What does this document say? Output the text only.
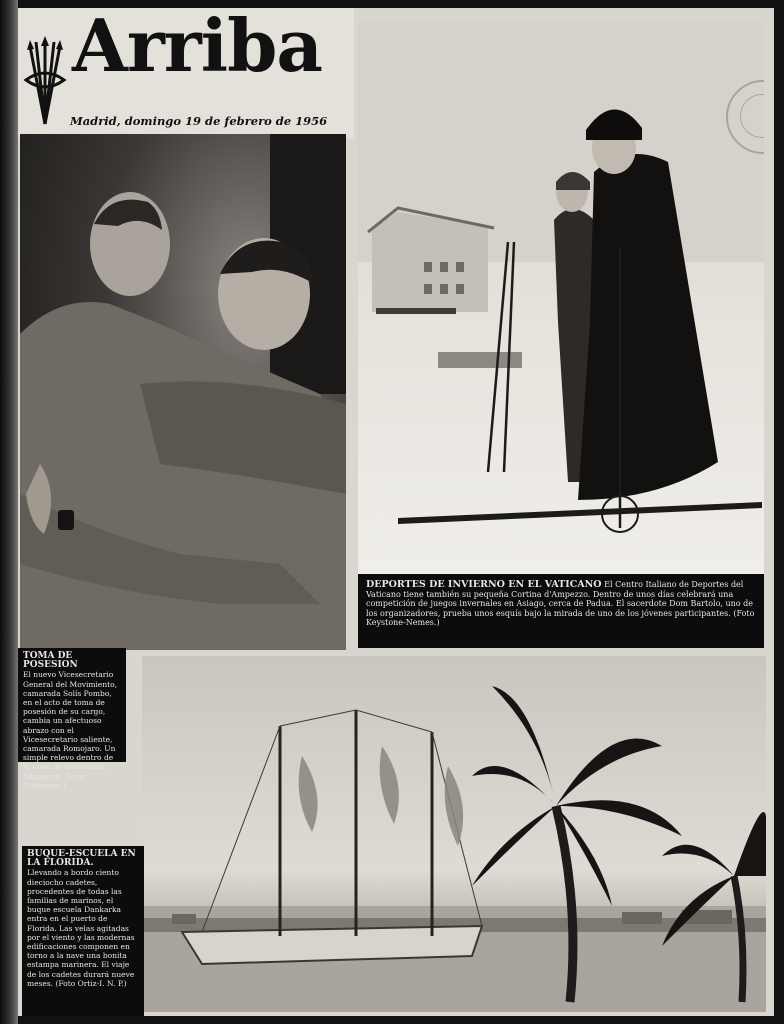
Arriba
Madrid, domingo 19 de febrero de 1956
DEPORTES DE INVIERNO EN EL VATICANO El Centro Italiano de Deportes del Vaticano tiene también su pequeña Cortina d'Ampezzo. Dentro de unos días celebrará una competición de juegos invernales en Asiago, cerca de Padua. El sacerdote Dom Bartolo, uno de los organizadores, prueba unos esquís bajo la mirada de uno de los jóvenes participantes. (Foto Keystone-Nemes.)
TOMA DE POSESION
El nuevo Vicesecretario General del Movimiento, camarada Solís Pombo, en el acto de toma de posesión de su cargo, cambia un afectuoso abrazo con el Vicesecretario saliente, camarada Romojaro. Un simple relevo dentro de la línea de afirmación falangista. (Foto Contreras.)
BUQUE-ESCUELA EN LA FLORIDA.
Llevando a bordo ciento dieciocho cadetes, procedentes de todas las familias de marinos, el buque escuela Dankarka entra en el puerto de Florida. Las velas agitadas por el viento y las modernas edificaciones componen en torno a la nave una bonita estampa marinera. El viaje de los cadetes durará nueve meses. (Foto Ortiz-I. N. P.)
